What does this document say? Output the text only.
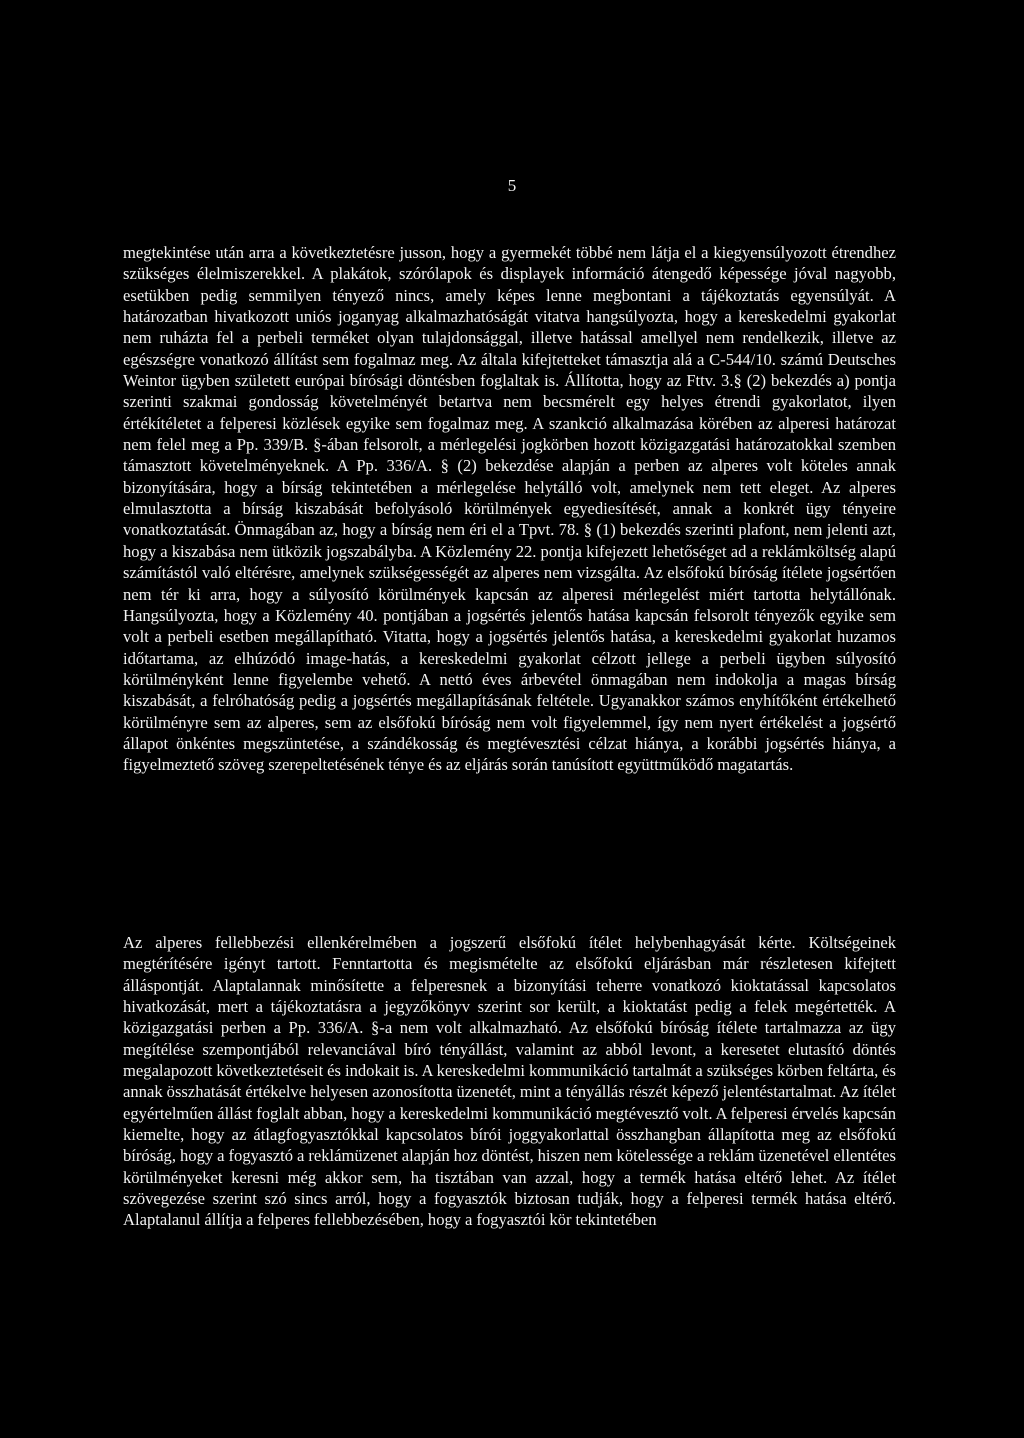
5
megtekintése után arra a következtetésre jusson, hogy a gyermekét többé nem látja el a kiegyensúlyozott étrendhez szükséges élelmiszerekkel. A plakátok, szórólapok és displayek információ átengedő képessége jóval nagyobb, esetükben pedig semmilyen tényező nincs, amely képes lenne megbontani a tájékoztatás egyensúlyát. A határozatban hivatkozott uniós joganyag alkalmazhatóságát vitatva hangsúlyozta, hogy a kereskedelmi gyakorlat nem ruházta fel a perbeli terméket olyan tulajdonsággal, illetve hatással amellyel nem rendelkezik, illetve az egészségre vonatkozó állítást sem fogalmaz meg. Az általa kifejtetteket támasztja alá a C-544/10. számú Deutsches Weintor ügyben született európai bírósági döntésben foglaltak is. Állította, hogy az Fttv. 3.§ (2) bekezdés a) pontja szerinti szakmai gondosság követelményét betartva nem becsmérelt egy helyes étrendi gyakorlatot, ilyen értékítéletet a felperesi közlések egyike sem fogalmaz meg. A szankció alkalmazása körében az alperesi határozat nem felel meg a Pp. 339/B. §-ában felsorolt, a mérlegelési jogkörben hozott közigazgatási határozatokkal szemben támasztott követelményeknek. A Pp. 336/A. § (2) bekezdése alapján a perben az alperes volt köteles annak bizonyítására, hogy a bírság tekintetében a mérlegelése helytálló volt, amelynek nem tett eleget. Az alperes elmulasztotta a bírság kiszabását befolyásoló körülmények egyediesítését, annak a konkrét ügy tényeire vonatkoztatását. Önmagában az, hogy a bírság nem éri el a Tpvt. 78. § (1) bekezdés szerinti plafont, nem jelenti azt, hogy a kiszabása nem ütközik jogszabályba. A Közlemény 22. pontja kifejezett lehetőséget ad a reklámköltség alapú számítástól való eltérésre, amelynek szükségességét az alperes nem vizsgálta. Az elsőfokú bíróság ítélete jogsértően nem tér ki arra, hogy a súlyosító körülmények kapcsán az alperesi mérlegelést miért tartotta helytállónak. Hangsúlyozta, hogy a Közlemény 40. pontjában a jogsértés jelentős hatása kapcsán felsorolt tényezők egyike sem volt a perbeli esetben megállapítható. Vitatta, hogy a jogsértés jelentős hatása, a kereskedelmi gyakorlat huzamos időtartama, az elhúzódó image-hatás, a kereskedelmi gyakorlat célzott jellege a perbeli ügyben súlyosító körülményként lenne figyelembe vehető. A nettó éves árbevétel önmagában nem indokolja a magas bírság kiszabását, a felróhatóság pedig a jogsértés megállapításának feltétele. Ugyanakkor számos enyhítőként értékelhető körülményre sem az alperes, sem az elsőfokú bíróság nem volt figyelemmel, így nem nyert értékelést a jogsértő állapot önkéntes megszüntetése, a szándékosság és megtévesztési célzat hiánya, a korábbi jogsértés hiánya, a figyelmeztető szöveg szerepeltetésének ténye és az eljárás során tanúsított együttműködő magatartás.
Az alperes fellebbezési ellenkérelmében a jogszerű elsőfokú ítélet helybenhagyását kérte. Költségeinek megtérítésére igényt tartott. Fenntartotta és megismételte az elsőfokú eljárásban már részletesen kifejtett álláspontját. Alaptalannak minősítette a felperesnek a bizonyítási teherre vonatkozó kioktatással kapcsolatos hivatkozását, mert a tájékoztatásra a jegyzőkönyv szerint sor került, a kioktatást pedig a felek megértették. A közigazgatási perben a Pp. 336/A. §-a nem volt alkalmazható. Az elsőfokú bíróság ítélete tartalmazza az ügy megítélése szempontjából relevanciával bíró tényállást, valamint az abból levont, a keresetet elutasító döntés megalapozott következtetéseit és indokait is. A kereskedelmi kommunikáció tartalmát a szükséges körben feltárta, és annak összhatását értékelve helyesen azonosította üzenetét, mint a tényállás részét képező jelentéstartalmat. Az ítélet egyértelműen állást foglalt abban, hogy a kereskedelmi kommunikáció megtévesztő volt. A felperesi érvelés kapcsán kiemelte, hogy az átlagfogyasztókkal kapcsolatos bírói joggyakorlattal összhangban állapította meg az elsőfokú bíróság, hogy a fogyasztó a reklámüzenet alapján hoz döntést, hiszen nem kötelessége a reklám üzenetével ellentétes körülményeket keresni még akkor sem, ha tisztában van azzal, hogy a termék hatása eltérő lehet. Az ítélet szövegezése szerint szó sincs arról, hogy a fogyasztók biztosan tudják, hogy a felperesi termék hatása eltérő. Alaptalanul állítja a felperes fellebbezésében, hogy a fogyasztói kör tekintetében
